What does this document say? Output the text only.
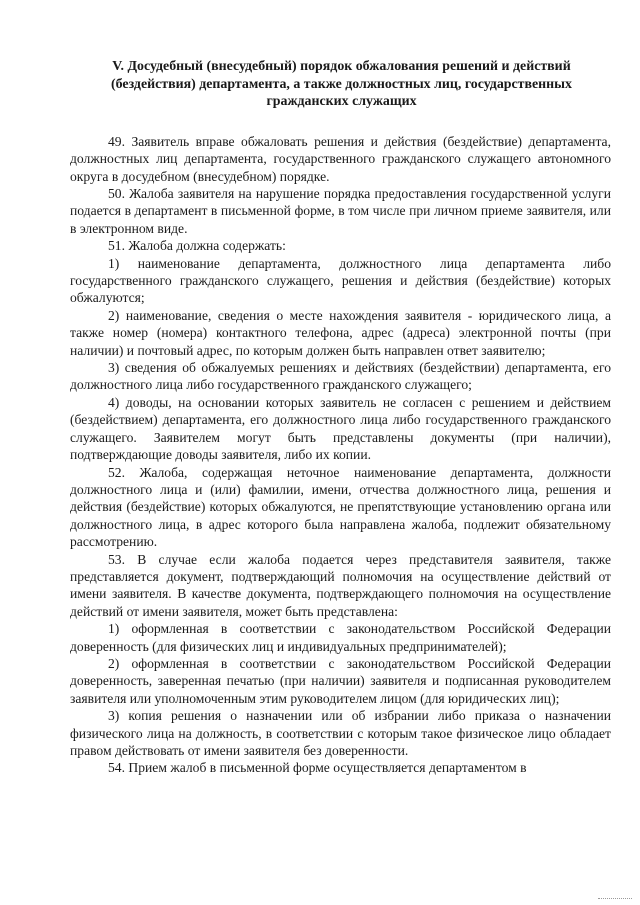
V. Досудебный (внесудебный) порядок обжалования решений и действий (бездействия) департамента, а также должностных лиц, государственных гражданских служащих

49. Заявитель вправе обжаловать решения и действия (бездействие) департамента, должностных лиц департамента, государственного гражданского служащего автономного округа в досудебном (внесудебном) порядке.

50. Жалоба заявителя на нарушение порядка предоставления государственной услуги подается в департамент в письменной форме, в том числе при личном приеме заявителя, или в электронном виде.

51. Жалоба должна содержать:

1) наименование департамента, должностного лица департамента либо государственного гражданского служащего, решения и действия (бездействие) которых обжалуются;

2) наименование, сведения о месте нахождения заявителя - юридического лица, а также номер (номера) контактного телефона, адрес (адреса) электронной почты (при наличии) и почтовый адрес, по которым должен быть направлен ответ заявителю;

3) сведения об обжалуемых решениях и действиях (бездействии) департамента, его должностного лица либо государственного гражданского служащего;

4) доводы, на основании которых заявитель не согласен с решением и действием (бездействием) департамента, его должностного лица либо государственного гражданского служащего. Заявителем могут быть представлены документы (при наличии), подтверждающие доводы заявителя, либо их копии.

52. Жалоба, содержащая неточное наименование департамента, должности должностного лица и (или) фамилии, имени, отчества должностного лица, решения и действия (бездействие) которых обжалуются, не препятствующие установлению органа или должностного лица, в адрес которого была направлена жалоба, подлежит обязательному рассмотрению.

53. В случае если жалоба подается через представителя заявителя, также представляется документ, подтверждающий полномочия на осуществление действий от имени заявителя. В качестве документа, подтверждающего полномочия на осуществление действий от имени заявителя, может быть представлена:

1) оформленная в соответствии с законодательством Российской Федерации доверенность (для физических лиц и индивидуальных предпринимателей);

2) оформленная в соответствии с законодательством Российской Федерации доверенность, заверенная печатью (при наличии) заявителя и подписанная руководителем заявителя или уполномоченным этим руководителем лицом (для юридических лиц);

3) копия решения о назначении или об избрании либо приказа о назначении физического лица на должность, в соответствии с которым такое физическое лицо обладает правом действовать от имени заявителя без доверенности.

54. Прием жалоб в письменной форме осуществляется департаментом в
